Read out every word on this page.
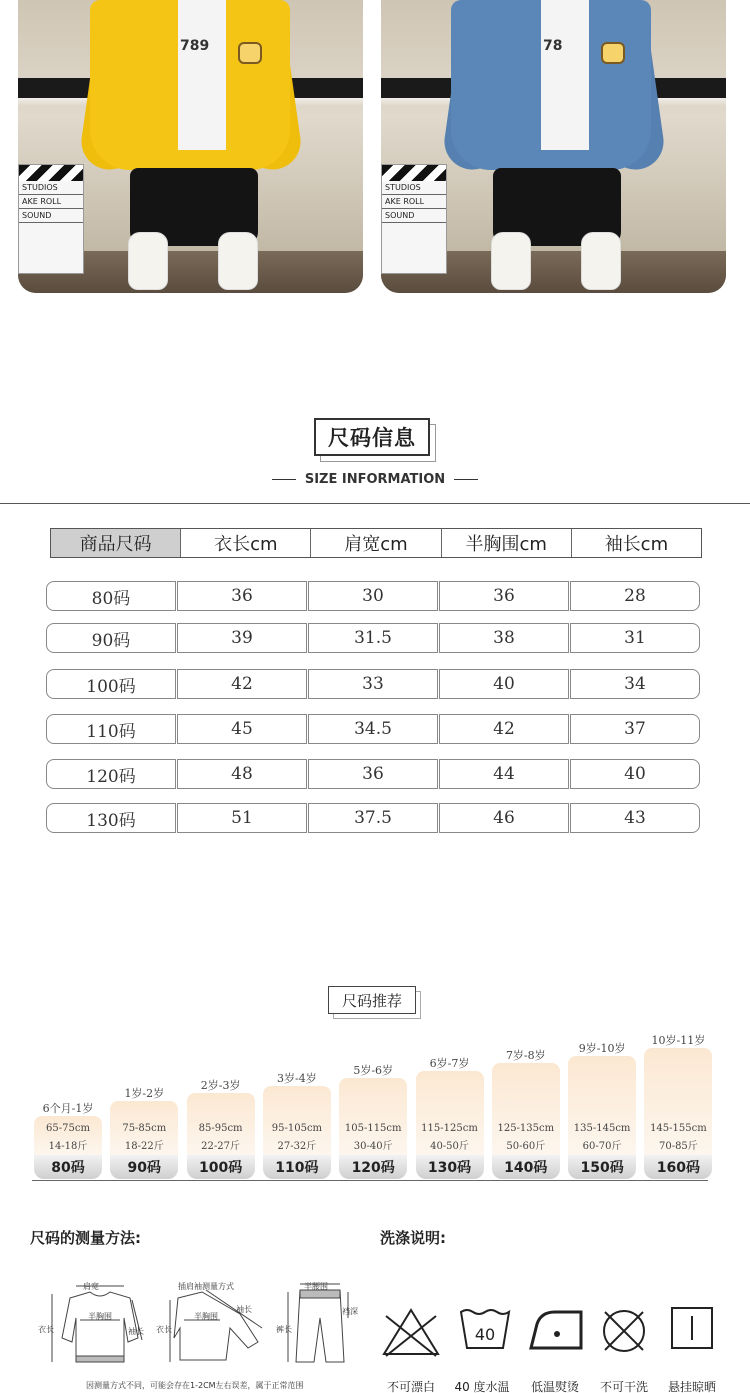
789
STUDIOS
AKE ROLL
SOUND
78
STUDIOS
AKE ROLL
SOUND
尺码信息
SIZE INFORMATION
商品尺码	衣长cm	肩宽cm	半胸围cm	袖长cm
80码	36	30	36	28
90码	39	31.5	38	31
100码	42	33	40	34
110码	45	34.5	42	37
120码	48	36	44	40
130码	51	37.5	46	43
尺码推荐
6个月-1岁
65-75cm
14-18斤
80码
1岁-2岁
75-85cm
18-22斤
90码
2岁-3岁
85-95cm
22-27斤
100码
3岁-4岁
95-105cm
27-32斤
110码
5岁-6岁
105-115cm
30-40斤
120码
6岁-7岁
115-125cm
40-50斤
130码
7岁-8岁
125-135cm
50-60斤
140码
9岁-10岁
135-145cm
60-70斤
150码
10岁-11岁
145-155cm
70-85斤
160码
尺码的测量方法:
肩宽
半胸围
衣长	袖长
插肩袖测量方式
袖长
衣长
半胸围
半腰围
裆深
裤长
因测量方式不同，可能会存在1-2CM左右误差，属于正常范围
洗涤说明:
40
不可漂白	40 度水温	低温熨烫	不可干洗	悬挂晾晒
